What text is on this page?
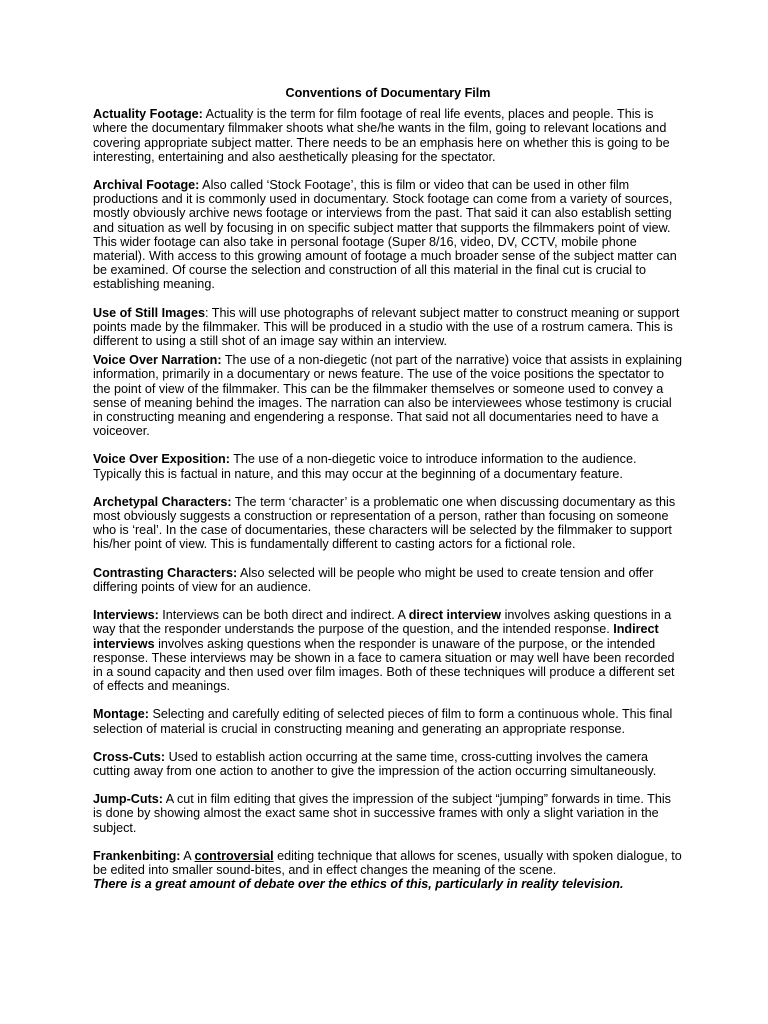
Conventions of Documentary Film

Actuality Footage: Actuality is the term for film footage of real life events, places and people. This is where the documentary filmmaker shoots what she/he wants in the film, going to relevant locations and covering appropriate subject matter. There needs to be an emphasis here on whether this is going to be interesting, entertaining and also aesthetically pleasing for the spectator.

Archival Footage: Also called ‘Stock Footage’, this is film or video that can be used in other film productions and it is commonly used in documentary. Stock footage can come from a variety of sources, mostly obviously archive news footage or interviews from the past. That said it can also establish setting and situation as well by focusing in on specific subject matter that supports the filmmakers point of view. This wider footage can also take in personal footage (Super 8/16, video, DV, CCTV, mobile phone material). With access to this growing amount of footage a much broader sense of the subject matter can be examined. Of course the selection and construction of all this material in the final cut is crucial to establishing meaning.

Use of Still Images: This will use photographs of relevant subject matter to construct meaning or support points made by the filmmaker. This will be produced in a studio with the use of a rostrum camera. This is different to using a still shot of an image say within an interview.

Voice Over Narration: The use of a non-diegetic (not part of the narrative) voice that assists in explaining information, primarily in a documentary or news feature. The use of the voice positions the spectator to the point of view of the filmmaker. This can be the filmmaker themselves or someone used to convey a sense of meaning behind the images. The narration can also be interviewees whose testimony is crucial in constructing meaning and engendering a response. That said not all documentaries need to have a voiceover.

Voice Over Exposition: The use of a non-diegetic voice to introduce information to the audience. Typically this is factual in nature, and this may occur at the beginning of a documentary feature.

Archetypal Characters: The term ‘character’ is a problematic one when discussing documentary as this most obviously suggests a construction or representation of a person, rather than focusing on someone who is ‘real’. In the case of documentaries, these characters will be selected by the filmmaker to support his/her point of view. This is fundamentally different to casting actors for a fictional role.

Contrasting Characters: Also selected will be people who might be used to create tension and offer differing points of view for an audience.

Interviews: Interviews can be both direct and indirect. A direct interview involves asking questions in a way that the responder understands the purpose of the question, and the intended response. Indirect interviews involves asking questions when the responder is unaware of the purpose, or the intended response. These interviews may be shown in a face to camera situation or may well have been recorded in a sound capacity and then used over film images. Both of these techniques will produce a different set of effects and meanings.

Montage: Selecting and carefully editing of selected pieces of film to form a continuous whole. This final selection of material is crucial in constructing meaning and generating an appropriate response.

Cross-Cuts: Used to establish action occurring at the same time, cross-cutting involves the camera cutting away from one action to another to give the impression of the action occurring simultaneously.

Jump-Cuts: A cut in film editing that gives the impression of the subject “jumping” forwards in time. This is done by showing almost the exact same shot in successive frames with only a slight variation in the subject.

Frankenbiting: A controversial editing technique that allows for scenes, usually with spoken dialogue, to be edited into smaller sound-bites, and in effect changes the meaning of the scene.
There is a great amount of debate over the ethics of this, particularly in reality television.
